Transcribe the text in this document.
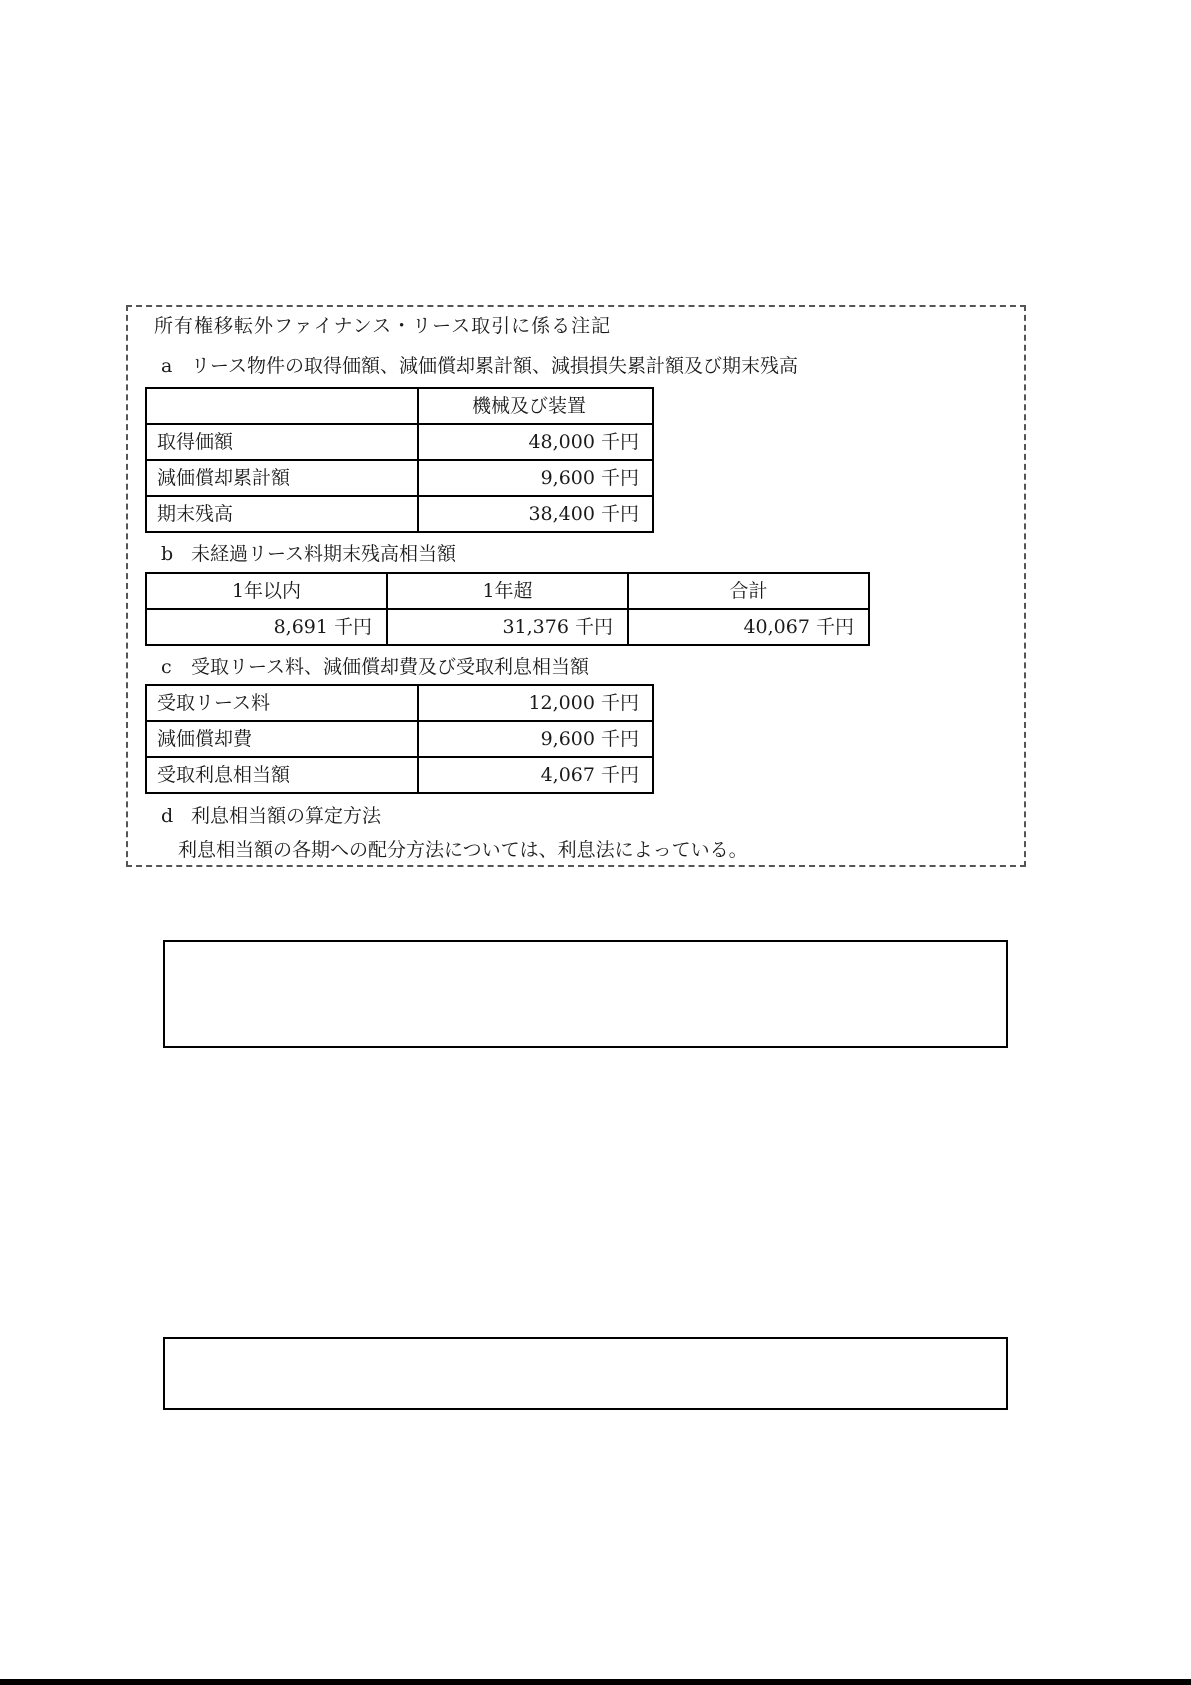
所有権移転外ファイナンス・リース取引に係る注記
a リース物件の取得価額、減価償却累計額、減損損失累計額及び期末残高
	機械及び装置
取得価額	48,000 千円
減価償却累計額	9,600 千円
期末残高	38,400 千円
b 未経過リース料期末残高相当額
1年以内	1年超	合計
8,691 千円	31,376 千円	40,067 千円
c 受取リース料、減価償却費及び受取利息相当額
受取リース料	12,000 千円
減価償却費	9,600 千円
受取利息相当額	4,067 千円
d 利息相当額の算定方法
利息相当額の各期への配分方法については、利息法によっている。
